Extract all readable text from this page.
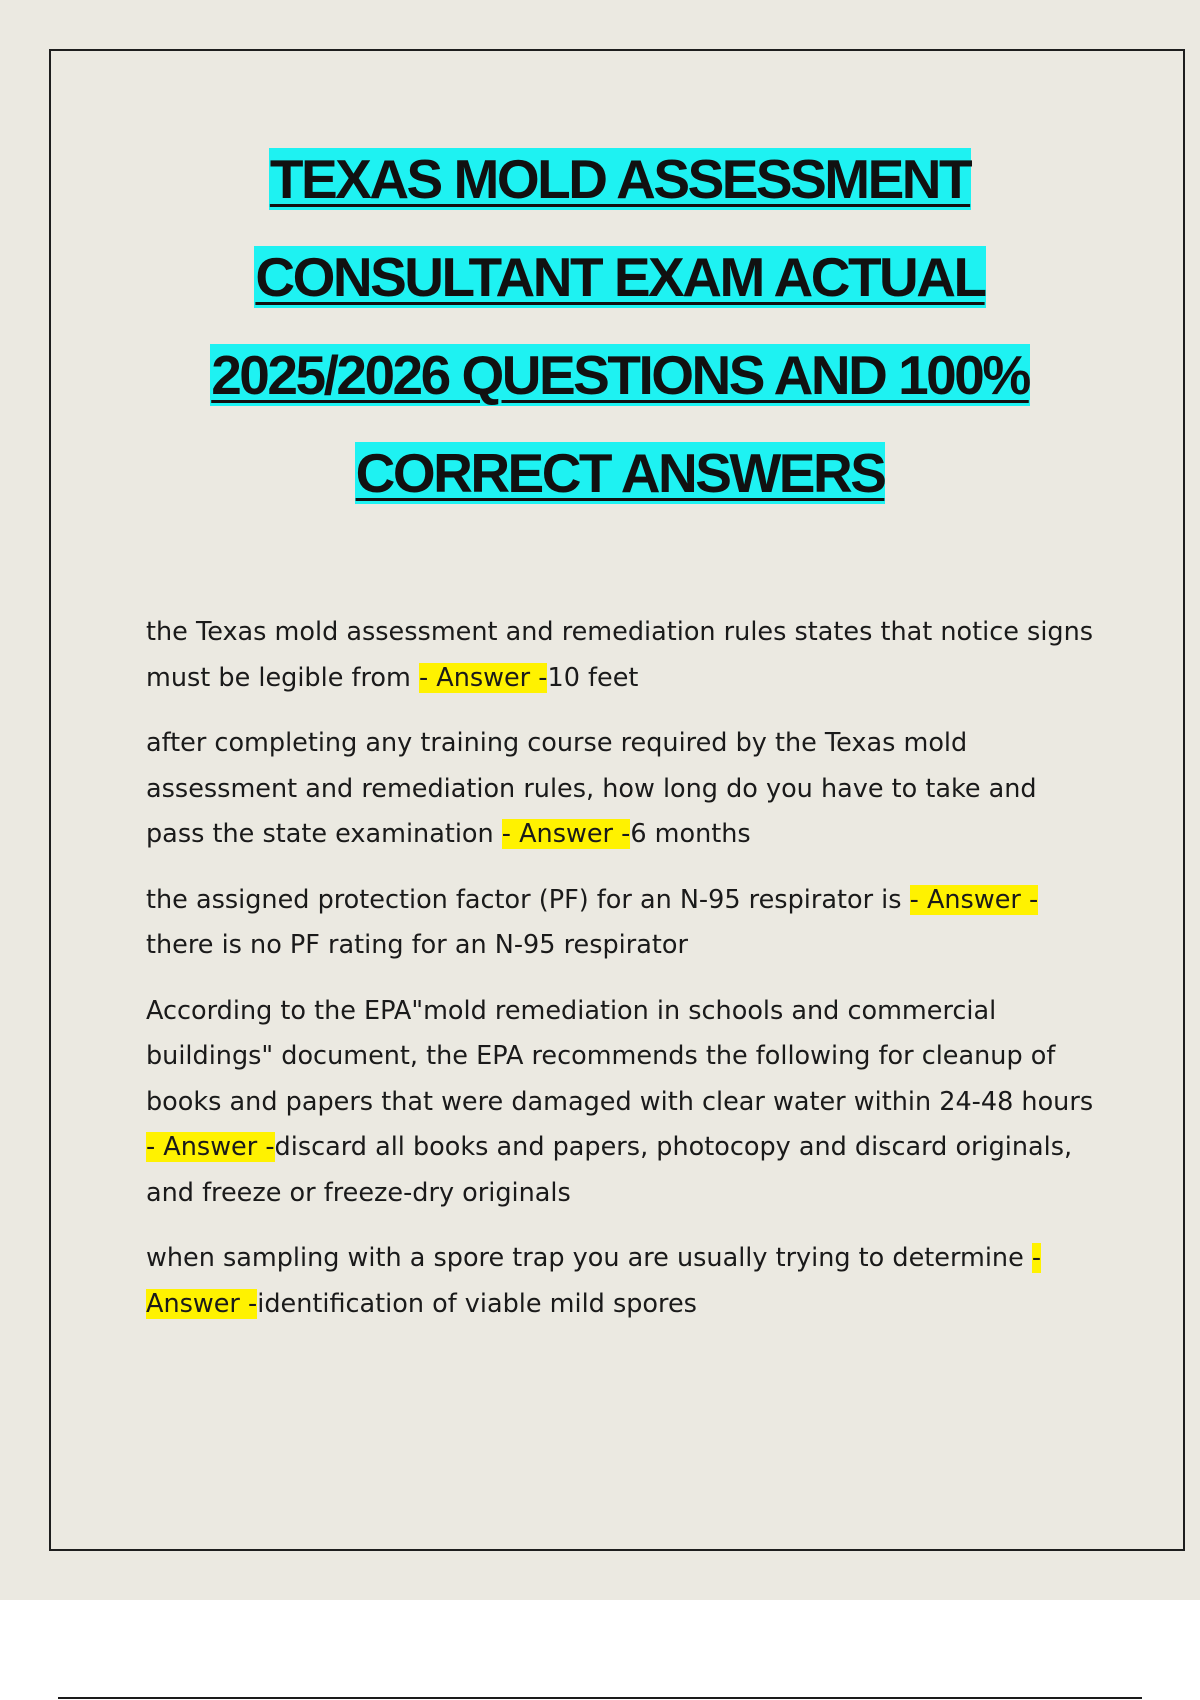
TEXAS MOLD ASSESSMENT
CONSULTANT EXAM ACTUAL
2025/2026 QUESTIONS AND 100%
CORRECT ANSWERS

the Texas mold assessment and remediation rules states that notice signs must be legible from - Answer -10 feet

after completing any training course required by the Texas mold assessment and remediation rules, how long do you have to take and pass the state examination - Answer -6 months

the assigned protection factor (PF) for an N-95 respirator is - Answer - there is no PF rating for an N-95 respirator

According to the EPA"mold remediation in schools and commercial buildings" document, the EPA recommends the following for cleanup of books and papers that were damaged with clear water within 24-48 hours - Answer -discard all books and papers, photocopy and discard originals, and freeze or freeze-dry originals

when sampling with a spore trap you are usually trying to determine - Answer -identification of viable mild spores
